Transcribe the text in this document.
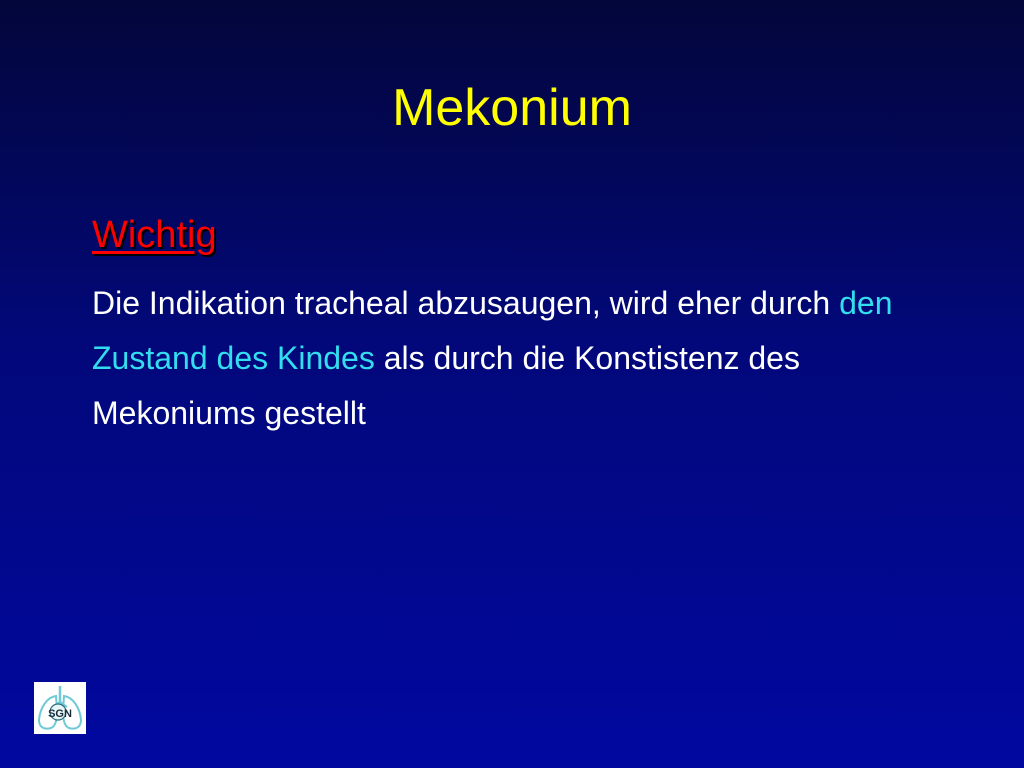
Mekonium
Wichtig
Die Indikation tracheal abzusaugen, wird eher durch den Zustand des Kindes als durch die Konstistenz des Mekoniums gestellt
SGN
